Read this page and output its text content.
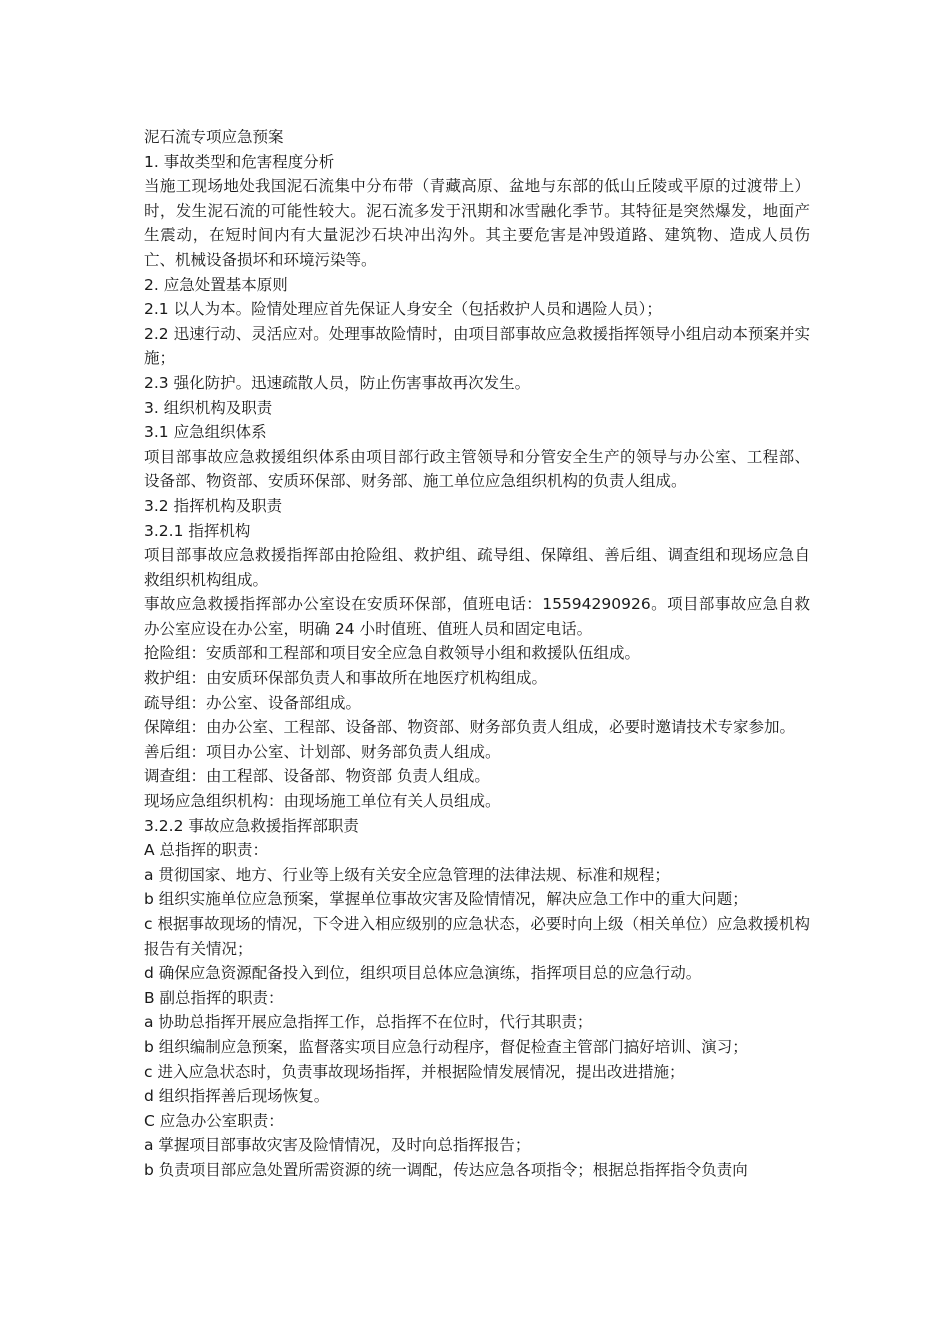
泥石流专项应急预案

1. 事故类型和危害程度分析

当施工现场地处我国泥石流集中分布带（青藏高原、盆地与东部的低山丘陵或平原的过渡带上）时，发生泥石流的可能性较大。泥石流多发于汛期和冰雪融化季节。其特征是突然爆发，地面产生震动，在短时间内有大量泥沙石块冲出沟外。其主要危害是冲毁道路、建筑物、造成人员伤亡、机械设备损坏和环境污染等。

2. 应急处置基本原则

2.1 以人为本。险情处理应首先保证人身安全（包括救护人员和遇险人员）；

2.2 迅速行动、灵活应对。处理事故险情时，由项目部事故应急救援指挥领导小组启动本预案并实施；

2.3 强化防护。迅速疏散人员，防止伤害事故再次发生。

3. 组织机构及职责

3.1 应急组织体系

项目部事故应急救援组织体系由项目部行政主管领导和分管安全生产的领导与办公室、工程部、设备部、物资部、安质环保部、财务部、施工单位应急组织机构的负责人组成。

3.2 指挥机构及职责

3.2.1 指挥机构

项目部事故应急救援指挥部由抢险组、救护组、疏导组、保障组、善后组、调查组和现场应急自救组织机构组成。

事故应急救援指挥部办公室设在安质环保部，值班电话：15594290926。项目部事故应急自救办公室应设在办公室，明确 24 小时值班、值班人员和固定电话。

抢险组：安质部和工程部和项目安全应急自救领导小组和救援队伍组成。

救护组：由安质环保部负责人和事故所在地医疗机构组成。

疏导组：办公室、设备部组成。

保障组：由办公室、工程部、设备部、物资部、财务部负责人组成，必要时邀请技术专家参加。

善后组：项目办公室、计划部、财务部负责人组成。

调查组：由工程部、设备部、物资部 负责人组成。

现场应急组织机构：由现场施工单位有关人员组成。

3.2.2 事故应急救援指挥部职责

A 总指挥的职责：

a 贯彻国家、地方、行业等上级有关安全应急管理的法律法规、标准和规程；

b 组织实施单位应急预案，掌握单位事故灾害及险情情况，解决应急工作中的重大问题；

c 根据事故现场的情况，下令进入相应级别的应急状态，必要时向上级（相关单位）应急救援机构报告有关情况；

d 确保应急资源配备投入到位，组织项目总体应急演练，指挥项目总的应急行动。

B 副总指挥的职责：

a 协助总指挥开展应急指挥工作，总指挥不在位时，代行其职责；

b 组织编制应急预案，监督落实项目应急行动程序，督促检查主管部门搞好培训、演习；

c 进入应急状态时，负责事故现场指挥，并根据险情发展情况，提出改进措施；

d 组织指挥善后现场恢复。

C 应急办公室职责：

a 掌握项目部事故灾害及险情情况，及时向总指挥报告；

b 负责项目部应急处置所需资源的统一调配，传达应急各项指令；根据总指挥指令负责向
